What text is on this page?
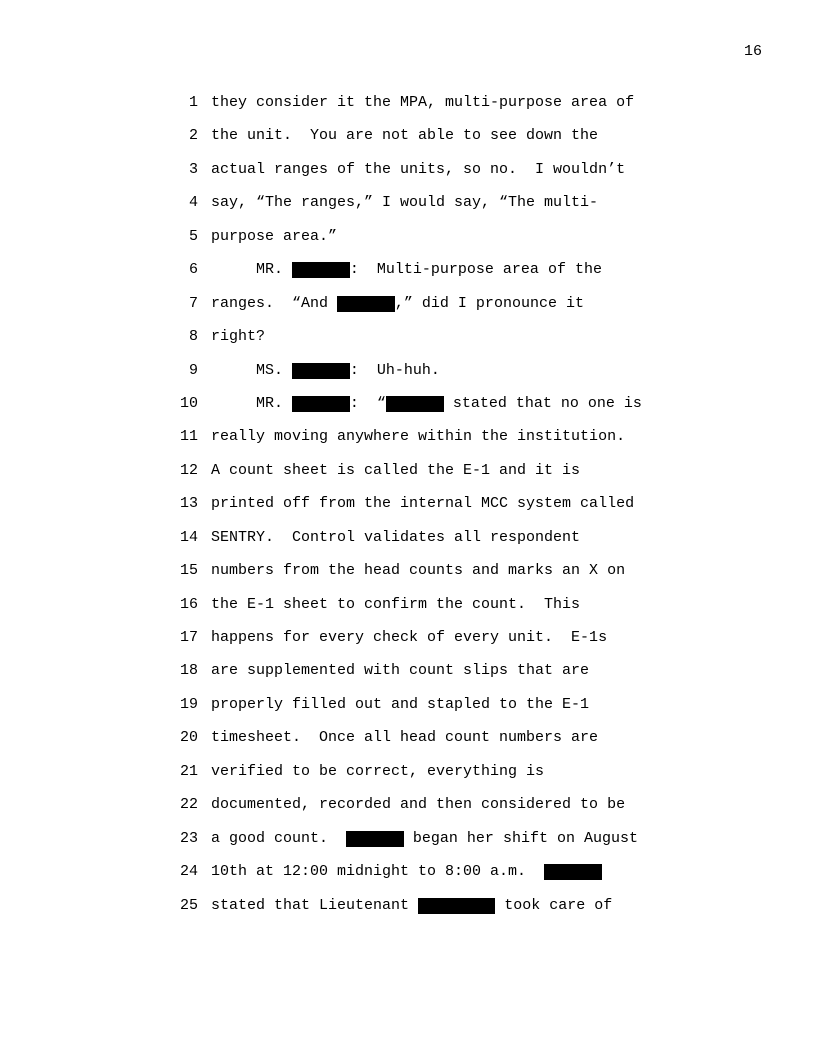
16
1 they consider it the MPA, multi-purpose area of
2 the unit.  You are not able to see down the
3 actual ranges of the units, so no.  I wouldn’t
4 say, “The ranges,” I would say, “The multi-
5 purpose area.”
6 MR.	:  Multi-purpose area of the
7 ranges.  “And	,” did I pronounce it
8 right?
9 MS.	:  Uh-huh.
10 MR.	:  “	stated that no one is
11 really moving anywhere within the institution.
12 A count sheet is called the E-1 and it is
13 printed off from the internal MCC system called
14 SENTRY.  Control validates all respondent
15 numbers from the head counts and marks an X on
16 the E-1 sheet to confirm the count.  This
17 happens for every check of every unit.  E-1s
18 are supplemented with count slips that are
19 properly filled out and stapled to the E-1
20 timesheet.  Once all head count numbers are
21 verified to be correct, everything is
22 documented, recorded and then considered to be
23 a good count.	began her shift on August
24 10th at 12:00 midnight to 8:00 a.m.
25 stated that Lieutenant	took care of
